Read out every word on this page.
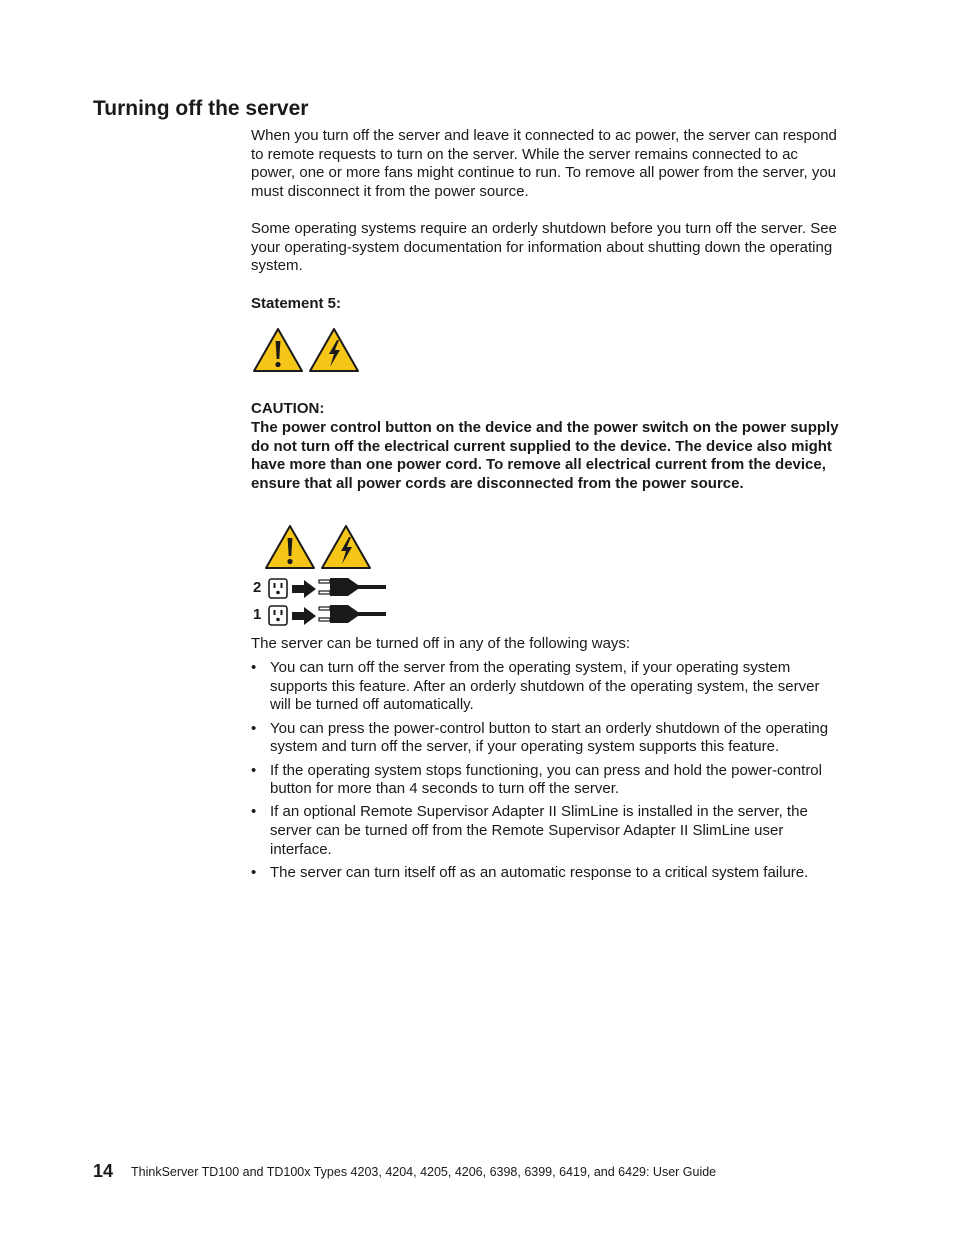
Turning off the server

When you turn off the server and leave it connected to ac power, the server can respond to remote requests to turn on the server. While the server remains connected to ac power, one or more fans might continue to run. To remove all power from the server, you must disconnect it from the power source.

Some operating systems require an orderly shutdown before you turn off the server. See your operating-system documentation for information about shutting down the operating system.

Statement 5:
CAUTION:

The power control button on the device and the power switch on the power supply do not turn off the electrical current supplied to the device. The device also might have more than one power cord. To remove all electrical current from the device, ensure that all power cords are disconnected from the power source.

2
1

The server can be turned off in any of the following ways:

• You can turn off the server from the operating system, if your operating system supports this feature. After an orderly shutdown of the operating system, the server will be turned off automatically.
• You can press the power-control button to start an orderly shutdown of the operating system and turn off the server, if your operating system supports this feature.
• If the operating system stops functioning, you can press and hold the power-control button for more than 4 seconds to turn off the server.
• If an optional Remote Supervisor Adapter II SlimLine is installed in the server, the server can be turned off from the Remote Supervisor Adapter II SlimLine user interface.
• The server can turn itself off as an automatic response to a critical system failure.
14 ThinkServer TD100 and TD100x Types 4203, 4204, 4205, 4206, 6398, 6399, 6419, and 6429: User Guide
